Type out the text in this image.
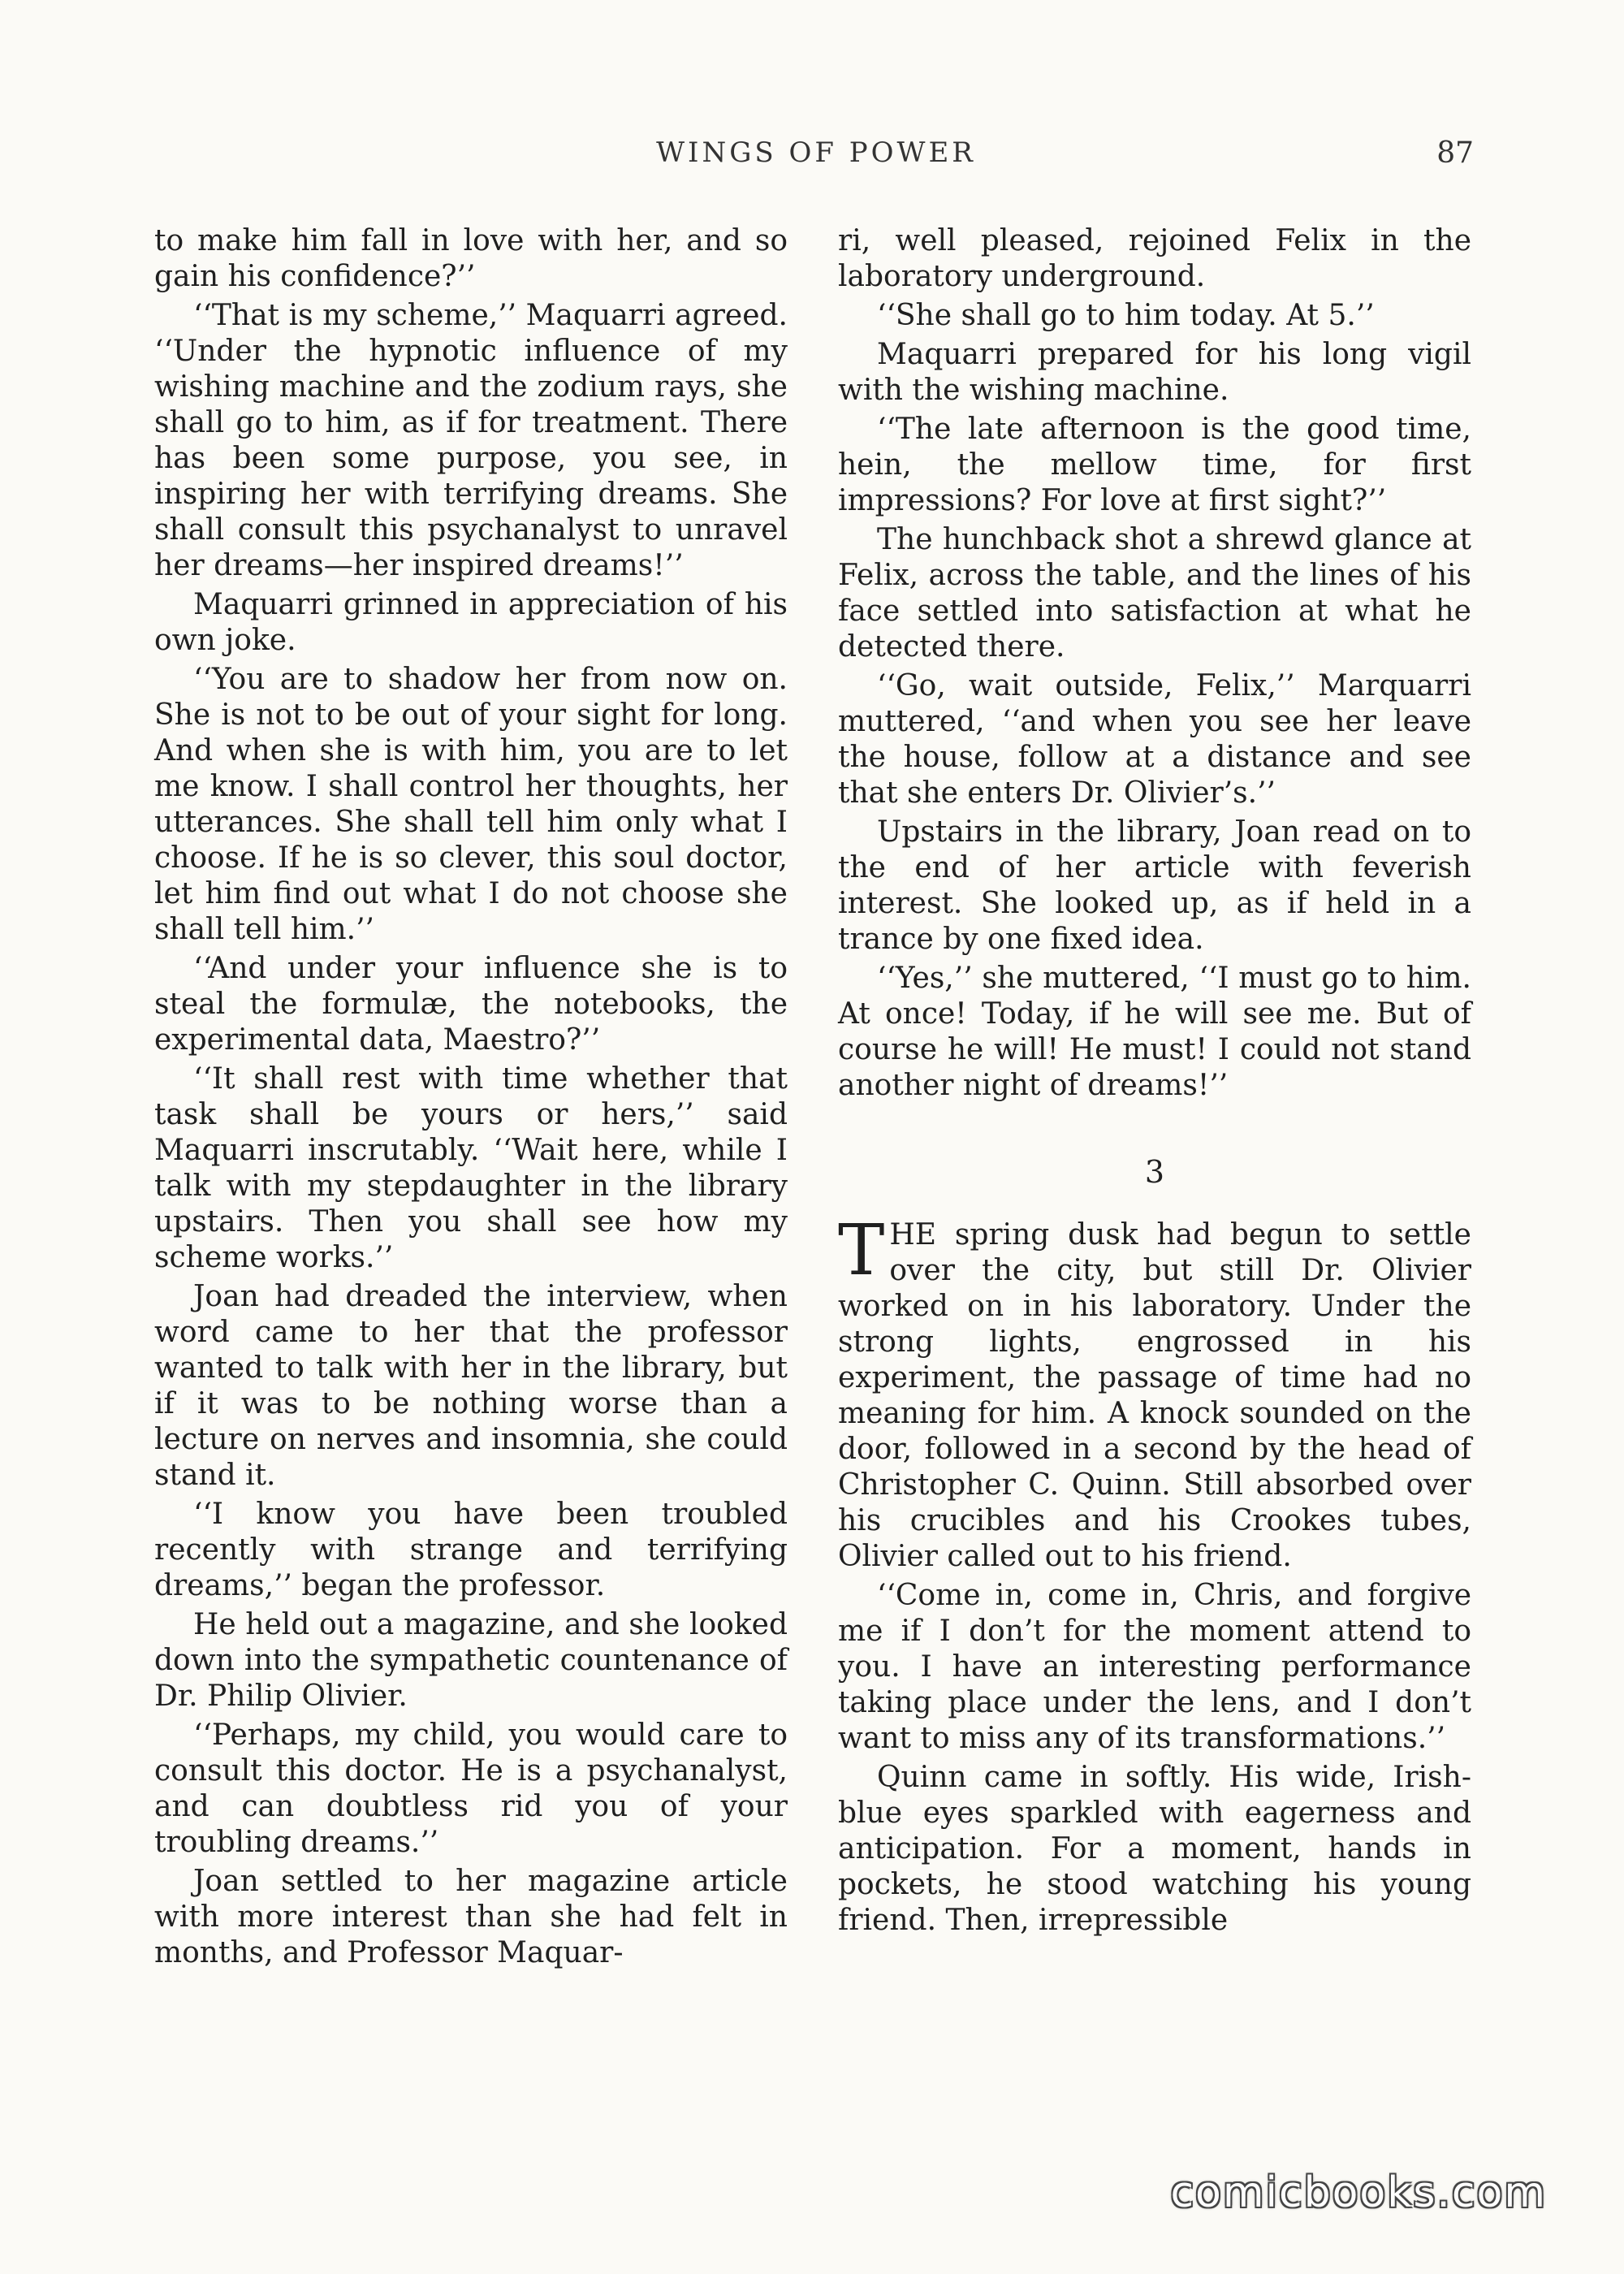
WINGS OF POWER	87

to make him fall in love with her, and so gain his confidence?’’

‘‘That is my scheme,’’ Maquarri agreed. ‘‘Under the hypnotic influence of my wishing machine and the zodium rays, she shall go to him, as if for treatment. There has been some purpose, you see, in inspiring her with terrifying dreams. She shall consult this psychanalyst to unravel her dreams—her inspired dreams!’’

Maquarri grinned in appreciation of his own joke.

‘‘You are to shadow her from now on. She is not to be out of your sight for long. And when she is with him, you are to let me know. I shall control her thoughts, her utterances. She shall tell him only what I choose. If he is so clever, this soul doctor, let him find out what I do not choose she shall tell him.’’

‘‘And under your influence she is to steal the formulæ, the notebooks, the experimental data, Maestro?’’

‘‘It shall rest with time whether that task shall be yours or hers,’’ said Maquarri inscrutably. ‘‘Wait here, while I talk with my stepdaughter in the library upstairs. Then you shall see how my scheme works.’’

Joan had dreaded the interview, when word came to her that the professor wanted to talk with her in the library, but if it was to be nothing worse than a lecture on nerves and insomnia, she could stand it.

‘‘I know you have been troubled recently with strange and terrifying dreams,’’ began the professor.

He held out a magazine, and she looked down into the sympathetic countenance of Dr. Philip Olivier.

‘‘Perhaps, my child, you would care to consult this doctor. He is a psychanalyst, and can doubtless rid you of your troubling dreams.’’

Joan settled to her magazine article with more interest than she had felt in months, and Professor Maquar-

ri, well pleased, rejoined Felix in the laboratory underground.

‘‘She shall go to him today. At 5.’’

Maquarri prepared for his long vigil with the wishing machine.

‘‘The late afternoon is the good time, hein, the mellow time, for first impressions? For love at first sight?’’

The hunchback shot a shrewd glance at Felix, across the table, and the lines of his face settled into satisfaction at what he detected there.

‘‘Go, wait outside, Felix,’’ Marquarri muttered, ‘‘and when you see her leave the house, follow at a distance and see that she enters Dr. Olivier’s.’’

Upstairs in the library, Joan read on to the end of her article with feverish interest. She looked up, as if held in a trance by one fixed idea.

‘‘Yes,’’ she muttered, ‘‘I must go to him. At once! Today, if he will see me. But of course he will! He must! I could not stand another night of dreams!’’

3

THE spring dusk had begun to settle over the city, but still Dr. Olivier worked on in his laboratory. Under the strong lights, engrossed in his experiment, the passage of time had no meaning for him. A knock sounded on the door, followed in a second by the head of Christopher C. Quinn. Still absorbed over his crucibles and his Crookes tubes, Olivier called out to his friend.

‘‘Come in, come in, Chris, and forgive me if I don’t for the moment attend to you. I have an interesting performance taking place under the lens, and I don’t want to miss any of its transformations.’’

Quinn came in softly. His wide, Irish-blue eyes sparkled with eagerness and anticipation. For a moment, hands in pockets, he stood watching his young friend. Then, irrepressible

comicbooks.com
